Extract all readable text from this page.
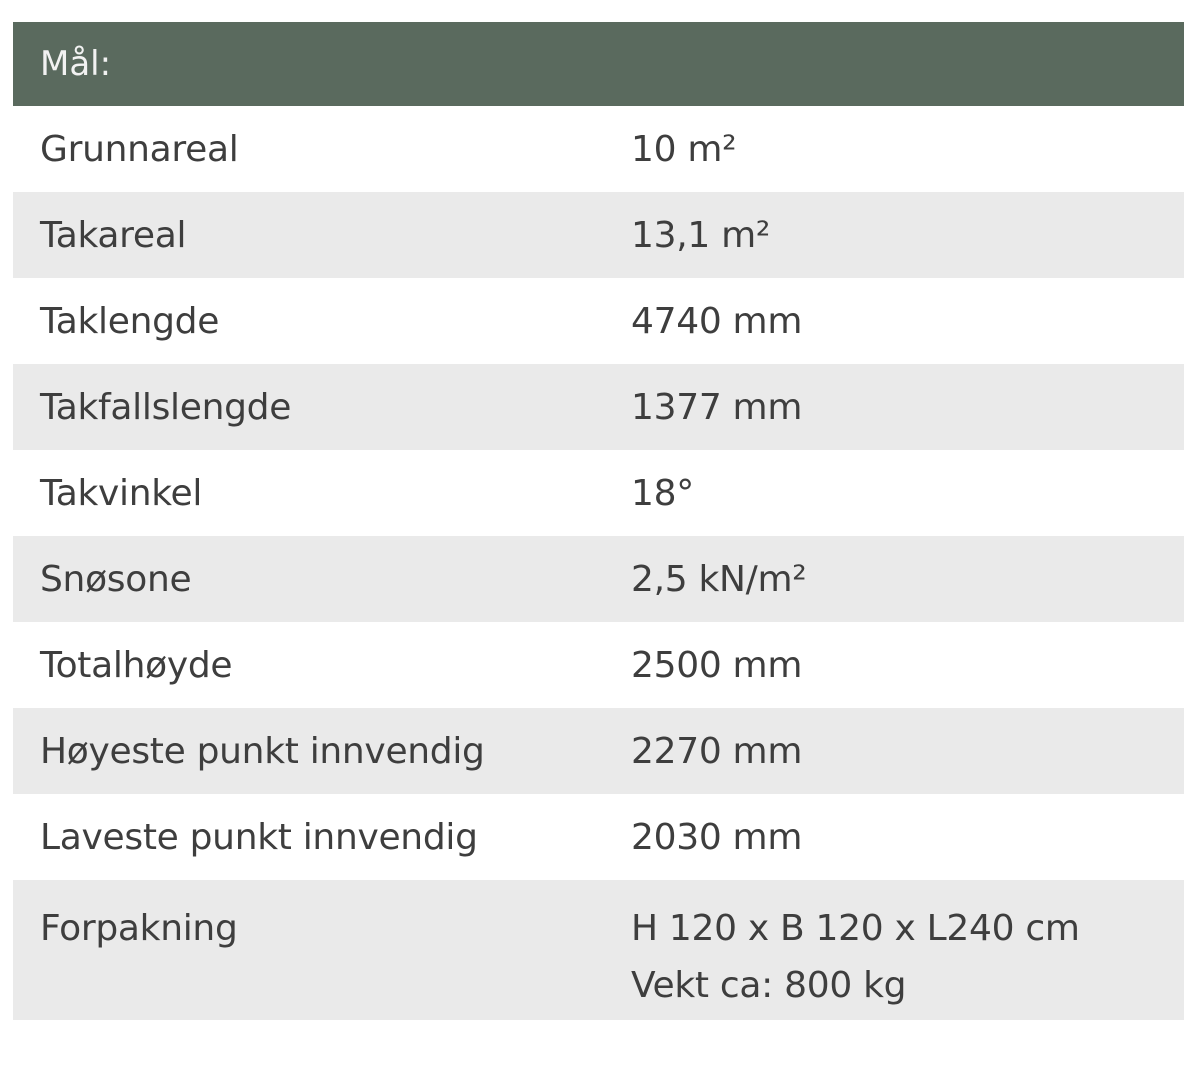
Mål:
Grunnareal	10 m²
Takareal	13,1 m²
Taklengde	4740 mm
Takfallslengde	1377 mm
Takvinkel	18°
Snøsone	2,5 kN/m²
Totalhøyde	2500 mm
Høyeste punkt innvendig	2270 mm
Laveste punkt innvendig	2030 mm
Forpakning	H 120 x B 120 x L240 cm
Vekt ca: 800 kg
